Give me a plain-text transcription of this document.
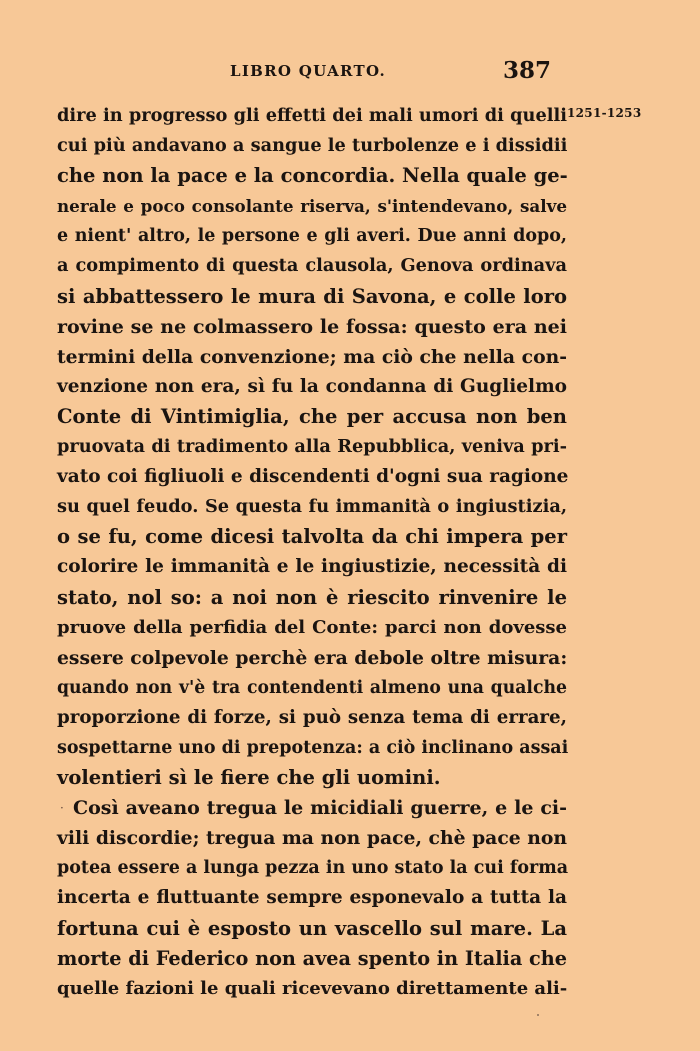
LIBRO QUARTO.	387
1251-1253
·
dire in progresso gli effetti dei mali umori di quelli
cui più andavano a sangue le turbolenze e i dissidii
che non la pace e la concordia. Nella quale ge-
nerale e poco consolante riserva, s'intendevano, salve
e nient' altro, le persone e gli averi. Due anni dopo,
a compimento di questa clausola, Genova ordinava
si abbattessero le mura di Savona, e colle loro
rovine se ne colmassero le fossa: questo era nei
termini della convenzione; ma ciò che nella con-
venzione non era, sì fu la condanna di Guglielmo
Conte di Vintimiglia, che per accusa non ben
pruovata di tradimento alla Repubblica, veniva pri-
vato coi figliuoli e discendenti d'ogni sua ragione
su quel feudo. Se questa fu immanità o ingiustizia,
o se fu, come dicesi talvolta da chi impera per
colorire le immanità e le ingiustizie, necessità di
stato, nol so: a noi non è riescito rinvenire le
pruove della perfidia del Conte: parci non dovesse
essere colpevole perchè era debole oltre misura:
quando non v'è tra contendenti almeno una qualche
proporzione di forze, si può senza tema di errare,
sospettarne uno di prepotenza: a ciò inclinano assai
volentieri sì le fiere che gli uomini.
Così aveano tregua le micidiali guerre, e le ci-
vili discordie; tregua ma non pace, chè pace non
potea essere a lunga pezza in uno stato la cui forma
incerta e fluttuante sempre esponevalo a tutta la
fortuna cui è esposto un vascello sul mare. La
morte di Federico non avea spento in Italia che
quelle fazioni le quali ricevevano direttamente ali-
